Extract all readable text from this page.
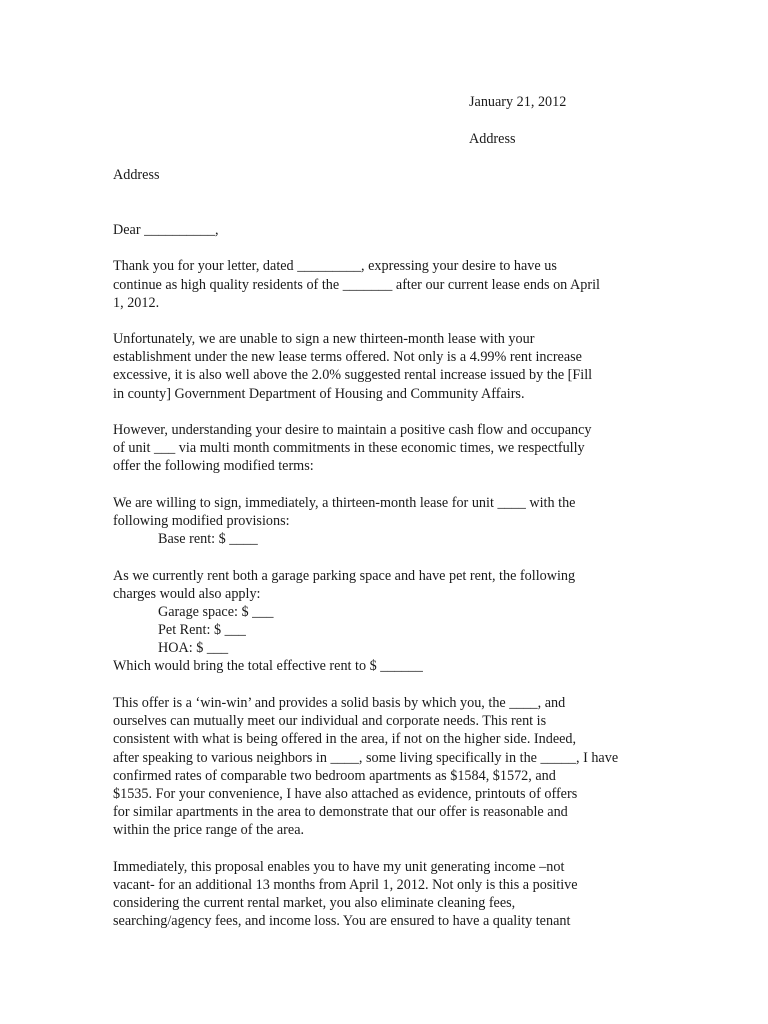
January 21, 2012
Address
Address
Dear __________,
Thank you for your letter, dated _________, expressing your desire to have us
continue as high quality residents of the _______ after our current lease ends on April
1, 2012.
Unfortunately, we are unable to sign a new thirteen-month lease with your
establishment under the new lease terms offered. Not only is a 4.99% rent increase
excessive, it is also well above the 2.0% suggested rental increase issued by the [Fill
in county] Government Department of Housing and Community Affairs.
However, understanding your desire to maintain a positive cash flow and occupancy
of unit ___ via multi month commitments in these economic times, we respectfully
offer the following modified terms:
We are willing to sign, immediately, a thirteen-month lease for unit ____ with the
following modified provisions:
Base rent: $ ____
As we currently rent both a garage parking space and have pet rent, the following
charges would also apply:
Garage space: $ ___
Pet Rent: $ ___
HOA: $ ___
Which would bring the total effective rent to $ ______
This offer is a ‘win-win’ and provides a solid basis by which you, the ____, and
ourselves can mutually meet our individual and corporate needs. This rent is
consistent with what is being offered in the area, if not on the higher side. Indeed,
after speaking to various neighbors in ____, some living specifically in the _____, I have
confirmed rates of comparable two bedroom apartments as $1584, $1572, and
$1535. For your convenience, I have also attached as evidence, printouts of offers
for similar apartments in the area to demonstrate that our offer is reasonable and
within the price range of the area.
Immediately, this proposal enables you to have my unit generating income –not
vacant- for an additional 13 months from April 1, 2012. Not only is this a positive
considering the current rental market, you also eliminate cleaning fees,
searching/agency fees, and income loss. You are ensured to have a quality tenant
